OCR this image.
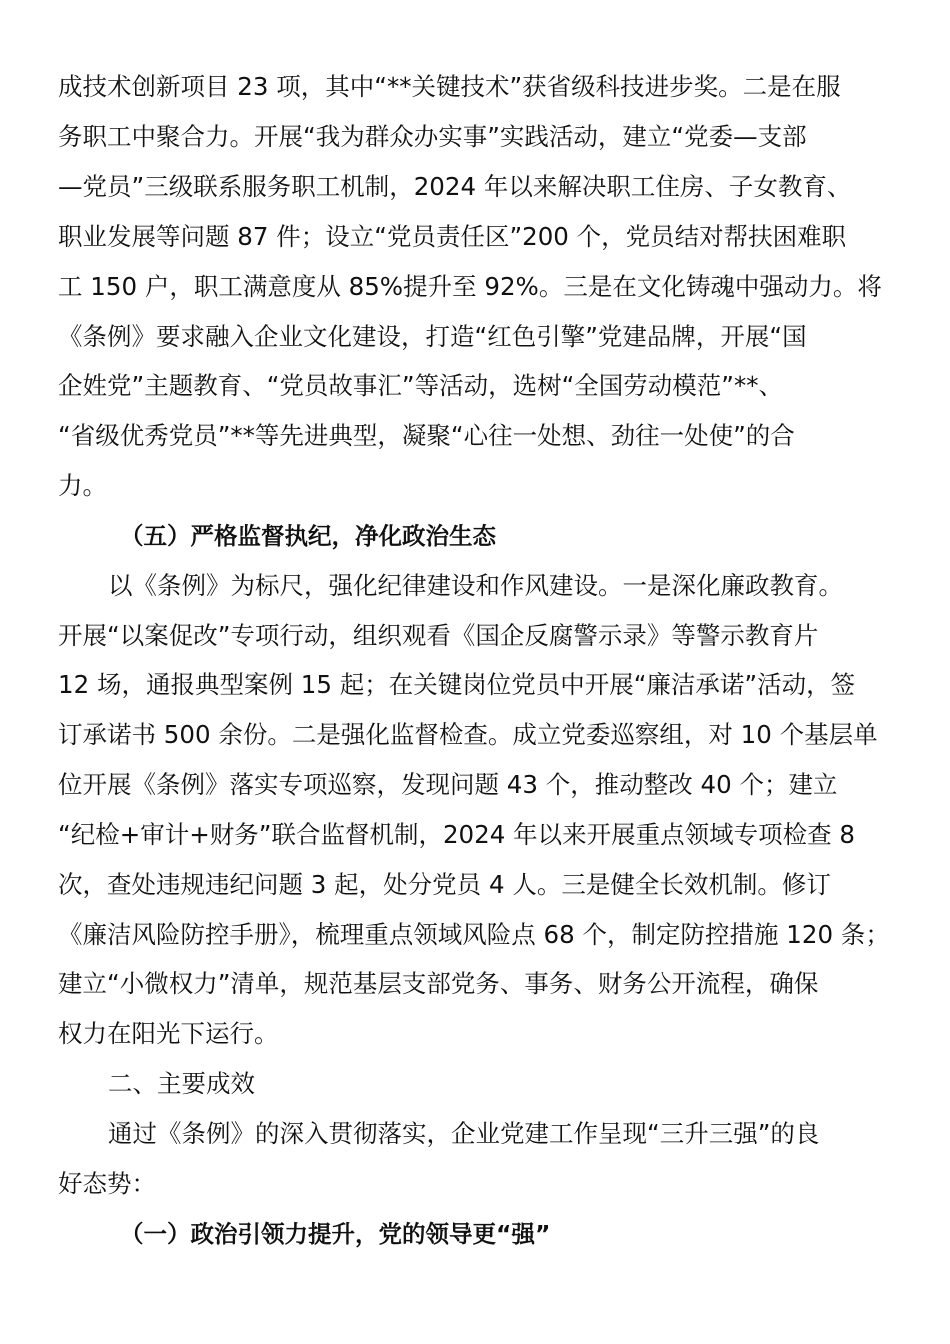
成技术创新项目 23 项，其中“**关键技术”获省级科技进步奖。二是在服

务职工中聚合力。开展“我为群众办实事”实践活动，建立“党委—支部

—党员”三级联系服务职工机制，2024 年以来解决职工住房、子女教育、

职业发展等问题 87 件；设立“党员责任区”200 个，党员结对帮扶困难职

工 150 户，职工满意度从 85%提升至 92%。三是在文化铸魂中强动力。将

《条例》要求融入企业文化建设，打造“红色引擎”党建品牌，开展“国

企姓党”主题教育、“党员故事汇”等活动，选树“全国劳动模范”**、

“省级优秀党员”**等先进典型，凝聚“心往一处想、劲往一处使”的合

力。

（五）严格监督执纪，净化政治生态

以《条例》为标尺，强化纪律建设和作风建设。一是深化廉政教育。

开展“以案促改”专项行动，组织观看《国企反腐警示录》等警示教育片

12 场，通报典型案例 15 起；在关键岗位党员中开展“廉洁承诺”活动，签

订承诺书 500 余份。二是强化监督检查。成立党委巡察组，对 10 个基层单

位开展《条例》落实专项巡察，发现问题 43 个，推动整改 40 个；建立

“纪检+审计+财务”联合监督机制，2024 年以来开展重点领域专项检查 8

次，查处违规违纪问题 3 起，处分党员 4 人。三是健全长效机制。修订

《廉洁风险防控手册》，梳理重点领域风险点 68 个，制定防控措施 120 条；

建立“小微权力”清单，规范基层支部党务、事务、财务公开流程，确保

权力在阳光下运行。

二、主要成效

通过《条例》的深入贯彻落实，企业党建工作呈现“三升三强”的良

好态势：

（一）政治引领力提升，党的领导更“强”
